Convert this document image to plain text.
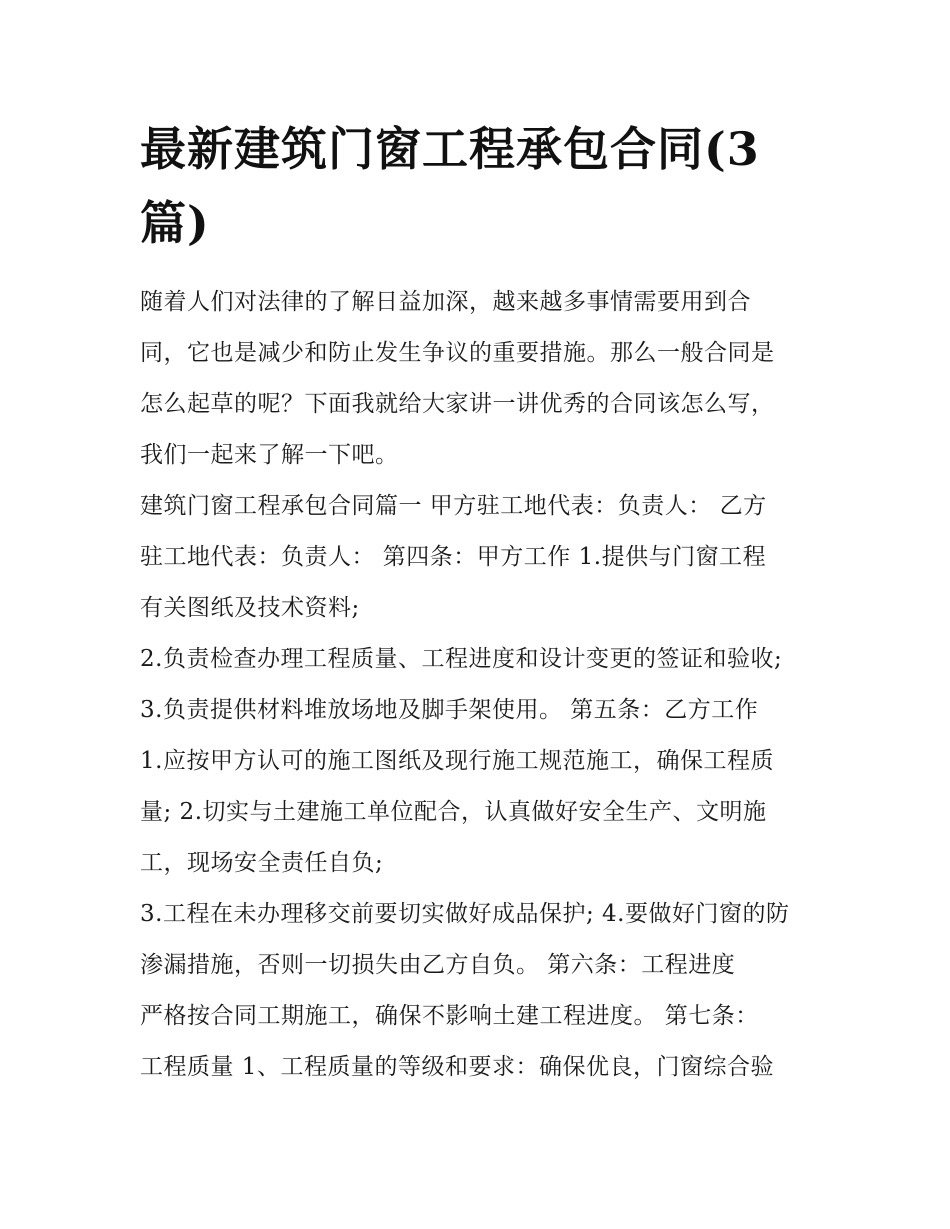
最新建筑门窗工程承包合同(3
篇)
随着人们对法律的了解日益加深，越来越多事情需要用到合
同，它也是减少和防止发生争议的重要措施。那么一般合同是
怎么起草的呢？下面我就给大家讲一讲优秀的合同该怎么写，
我们一起来了解一下吧。
建筑门窗工程承包合同篇一 甲方驻工地代表：负责人： 乙方
驻工地代表：负责人： 第四条：甲方工作 1.提供与门窗工程
有关图纸及技术资料;
2.负责检查办理工程质量、工程进度和设计变更的签证和验收;
3.负责提供材料堆放场地及脚手架使用。 第五条：乙方工作
1.应按甲方认可的施工图纸及现行施工规范施工，确保工程质
量; 2.切实与土建施工单位配合，认真做好安全生产、文明施
工，现场安全责任自负;
3.工程在未办理移交前要切实做好成品保护; 4.要做好门窗的防
渗漏措施，否则一切损失由乙方自负。 第六条：工程进度
严格按合同工期施工，确保不影响土建工程进度。 第七条：
工程质量 1、工程质量的等级和要求：确保优良，门窗综合验
